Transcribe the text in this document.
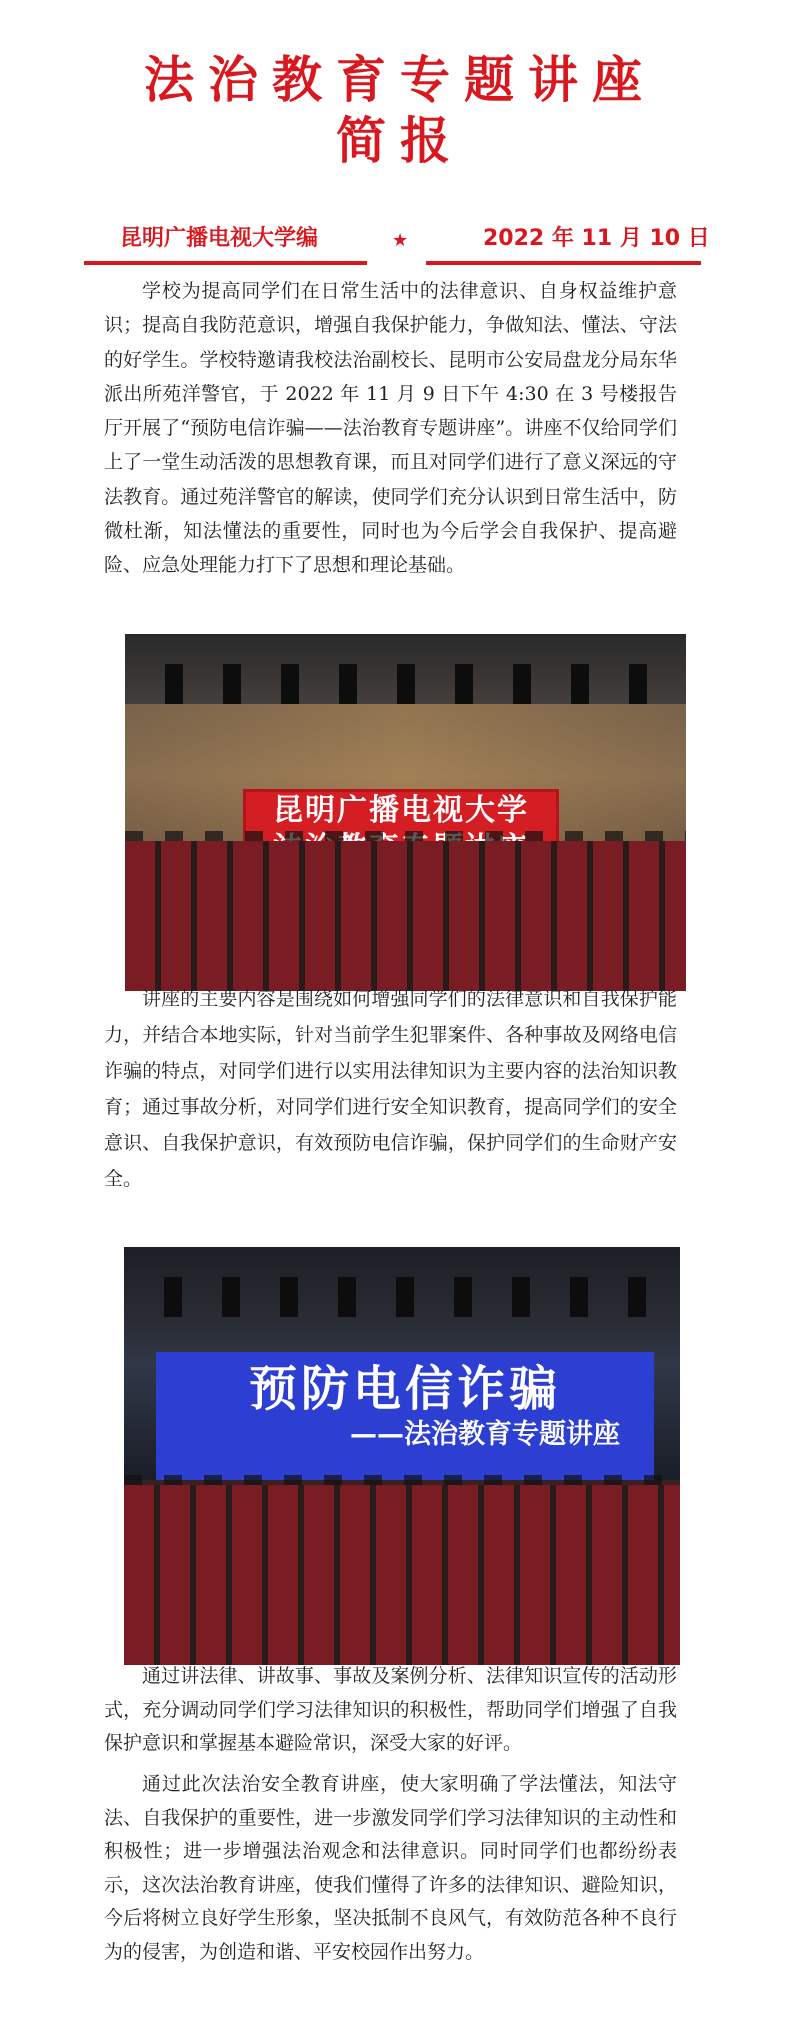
法治教育专题讲座
简报
昆明广播电视大学编	★	2022 年 11 月 10 日

学校为提高同学们在日常生活中的法律意识、自身权益维护意识；提高自我防范意识，增强自我保护能力，争做知法、懂法、守法的好学生。学校特邀请我校法治副校长、昆明市公安局盘龙分局东华派出所苑洋警官，于 2022 年 11 月 9 日下午 4:30 在 3 号楼报告厅开展了“预防电信诈骗——法治教育专题讲座”。讲座不仅给同学们上了一堂生动活泼的思想教育课，而且对同学们进行了意义深远的守法教育。通过苑洋警官的解读，使同学们充分认识到日常生活中，防微杜渐，知法懂法的重要性，同时也为今后学会自我保护、提高避险、应急处理能力打下了思想和理论基础。

昆明广播电视大学

讲座的主要内容是围绕如何增强同学们的法律意识和自我保护能力，并结合本地实际，针对当前学生犯罪案件、各种事故及网络电信诈骗的特点，对同学们进行以实用法律知识为主要内容的法治知识教育；通过事故分析，对同学们进行安全知识教育，提高同学们的安全意识、自我保护意识，有效预防电信诈骗，保护同学们的生命财产安全。

预防电信诈骗
——法治教育专题讲座

通过讲法律、讲故事、事故及案例分析、法律知识宣传的活动形式，充分调动同学们学习法律知识的积极性，帮助同学们增强了自我保护意识和掌握基本避险常识，深受大家的好评。

通过此次法治安全教育讲座，使大家明确了学法懂法，知法守法、自我保护的重要性，进一步激发同学们学习法律知识的主动性和积极性；进一步增强法治观念和法律意识。同时同学们也都纷纷表示，这次法治教育讲座，使我们懂得了许多的法律知识、避险知识，今后将树立良好学生形象，坚决抵制不良风气，有效防范各种不良行为的侵害，为创造和谐、平安校园作出努力。
